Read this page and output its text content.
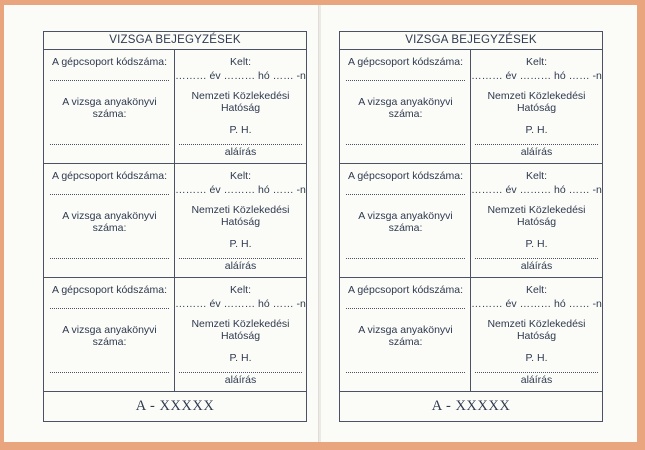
VIZSGA BEJEGYZÉSEK
A gépcsoport kódszáma:
A vizsga anyakönyvi száma:
Kelt:
……… év ……… hó …… -n
Nemzeti Közlekedési Hatóság
P. H.
aláírás
A gépcsoport kódszáma:
A vizsga anyakönyvi száma:
Kelt:
……… év ……… hó …… -n
Nemzeti Közlekedési Hatóság
P. H.
aláírás
A gépcsoport kódszáma:
A vizsga anyakönyvi száma:
Kelt:
……… év ……… hó …… -n
Nemzeti Közlekedési Hatóság
P. H.
aláírás
A - XXXXX
VIZSGA BEJEGYZÉSEK
A gépcsoport kódszáma:
A vizsga anyakönyvi száma:
Kelt:
……… év ……… hó …… -n
Nemzeti Közlekedési Hatóság
P. H.
aláírás
A gépcsoport kódszáma:
A vizsga anyakönyvi száma:
Kelt:
……… év ……… hó …… -n
Nemzeti Közlekedési Hatóság
P. H.
aláírás
A gépcsoport kódszáma:
A vizsga anyakönyvi száma:
Kelt:
……… év ……… hó …… -n
Nemzeti Közlekedési Hatóság
P. H.
aláírás
A - XXXXX
